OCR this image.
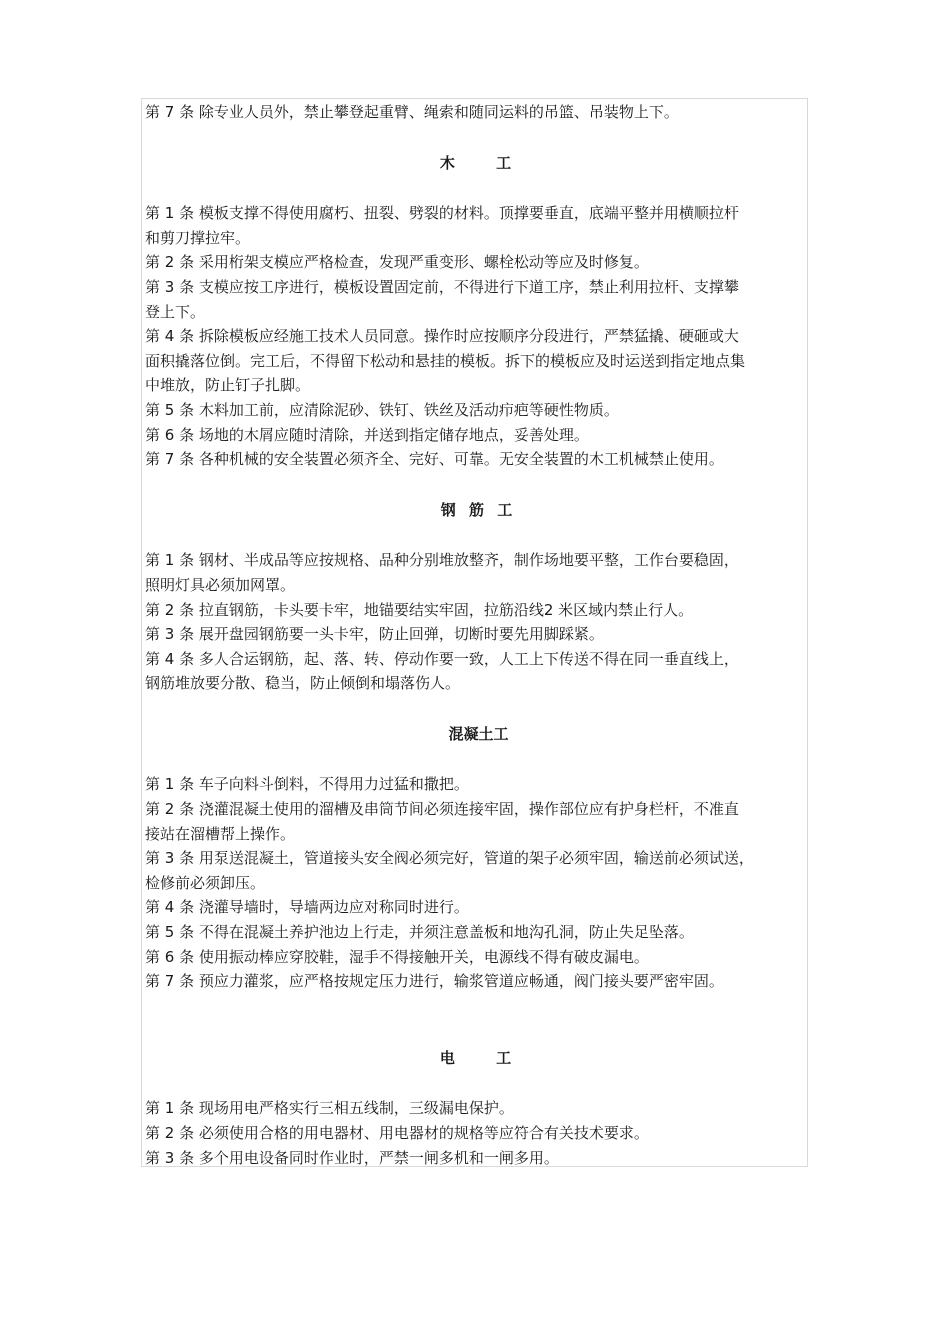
第 7 条 除专业人员外，禁止攀登起重臂、绳索和随同运料的吊篮、吊装物上下。

木 工

第 1 条 模板支撑不得使用腐朽、扭裂、劈裂的材料。顶撑要垂直，底端平整并用横顺拉杆

和剪刀撑拉牢。

第 2 条 采用桁架支模应严格检查，发现严重变形、螺栓松动等应及时修复。

第 3 条 支模应按工序进行，模板设置固定前，不得进行下道工序，禁止利用拉杆、支撑攀

登上下。

第 4 条 拆除模板应经施工技术人员同意。操作时应按顺序分段进行，严禁猛撬、硬砸或大

面积撬落位倒。完工后，不得留下松动和悬挂的模板。拆下的模板应及时运送到指定地点集

中堆放，防止钉子扎脚。

第 5 条 木料加工前，应清除泥砂、铁钉、铁丝及活动疖疤等硬性物质。

第 6 条 场地的木屑应随时清除，并送到指定储存地点，妥善处理。

第 7 条 各种机械的安全装置必须齐全、完好、可靠。无安全装置的木工机械禁止使用。

钢 筋 工

第 1 条 钢材、半成品等应按规格、品种分别堆放整齐，制作场地要平整，工作台要稳固，

照明灯具必须加网罩。

第 2 条 拉直钢筋，卡头要卡牢，地锚要结实牢固，拉筋沿线2 米区域内禁止行人。

第 3 条 展开盘园钢筋要一头卡牢，防止回弹，切断时要先用脚踩紧。

第 4 条 多人合运钢筋，起、落、转、停动作要一致，人工上下传送不得在同一垂直线上，

钢筋堆放要分散、稳当，防止倾倒和塌落伤人。

混凝土工

第 1 条 车子向料斗倒料，不得用力过猛和撒把。

第 2 条 浇灌混凝土使用的溜槽及串筒节间必须连接牢固，操作部位应有护身栏杆，不准直

接站在溜槽帮上操作。

第 3 条 用泵送混凝土，管道接头安全阀必须完好，管道的架子必须牢固，输送前必须试送，

检修前必须卸压。

第 4 条 浇灌导墙时，导墙两边应对称同时进行。

第 5 条 不得在混凝土养护池边上行走，并须注意盖板和地沟孔洞，防止失足坠落。

第 6 条 使用振动棒应穿胶鞋，湿手不得接触开关，电源线不得有破皮漏电。

第 7 条 预应力灌浆，应严格按规定压力进行，输浆管道应畅通，阀门接头要严密牢固。

电 工

第 1 条 现场用电严格实行三相五线制，三级漏电保护。

第 2 条 必须使用合格的用电器材、用电器材的规格等应符合有关技术要求。

第 3 条 多个用电设备同时作业时，严禁一闸多机和一闸多用。
